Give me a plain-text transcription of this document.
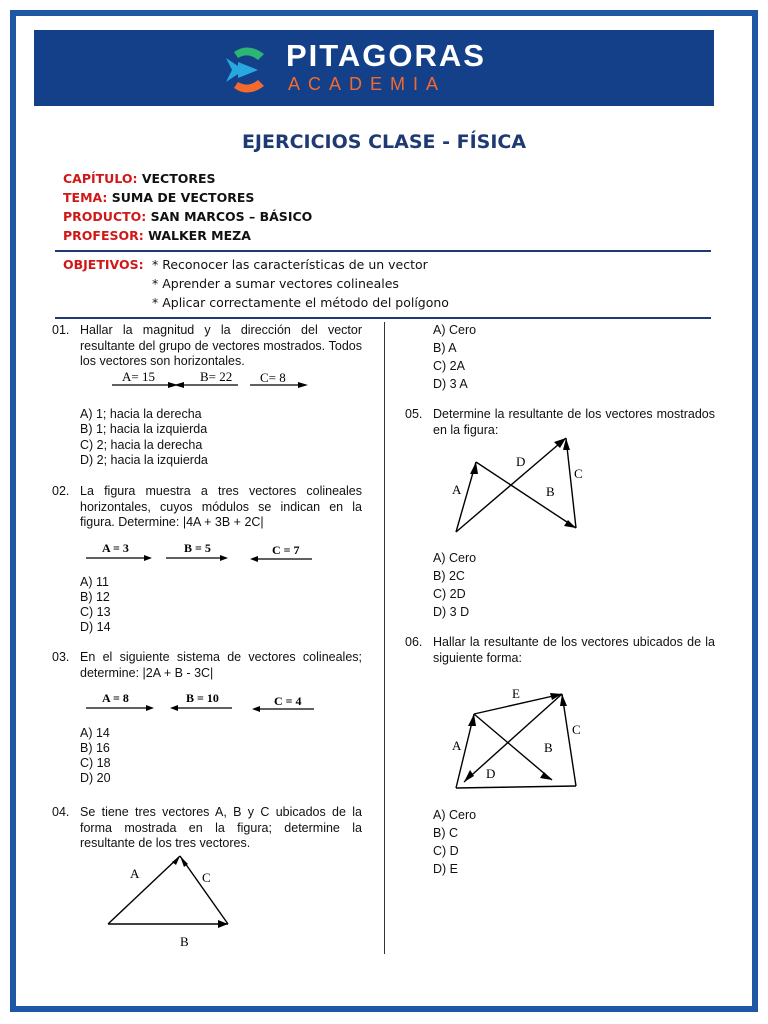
PITAGORAS
ACADEMIA
EJERCICIOS CLASE - FÍSICA
CAPÍTULO: VECTORES
TEMA: SUMA DE VECTORES
PRODUCTO: SAN MARCOS – BÁSICO
PROFESOR: WALKER MEZA
OBJETIVOS: * Reconocer las características de un vector
* Aprender a sumar vectores colineales
* Aplicar correctamente el método del polígono
01. Hallar la magnitud y la dirección del vector resultante del grupo de vectores mostrados. Todos los vectores son horizontales.
A= 15	B= 22 C= 8
A) 1; hacia la derecha
B) 1; hacia la izquierda
C) 2; hacia la derecha
D) 2; hacia la izquierda
02. La figura muestra a tres vectores colineales horizontales, cuyos módulos se indican en la figura. Determine: |4A + 3B + 2C|
A = 3	B = 5	C = 7
A) 11
B) 12
C) 13
D) 14
03. En el siguiente sistema de vectores colineales; determine: |2A + B - 3C|
A = 8	B = 10	C = 4
A) 14
B) 16
C) 18
D) 20
04. Se tiene tres vectores A, B y C ubicados de la forma mostrada en la figura; determine la resultante de los tres vectores.
A	C
B
A) Cero
B) A
C) 2A
D) 3 A
05. Determine la resultante de los vectores mostrados en la figura:
A
D
B
C
A) Cero
B) 2C
C) 2D
D) 3 D
06. Hallar la resultante de los vectores ubicados de la siguiente forma:
E
A	B
C
D
A) Cero
B) C
C) D
D) E
